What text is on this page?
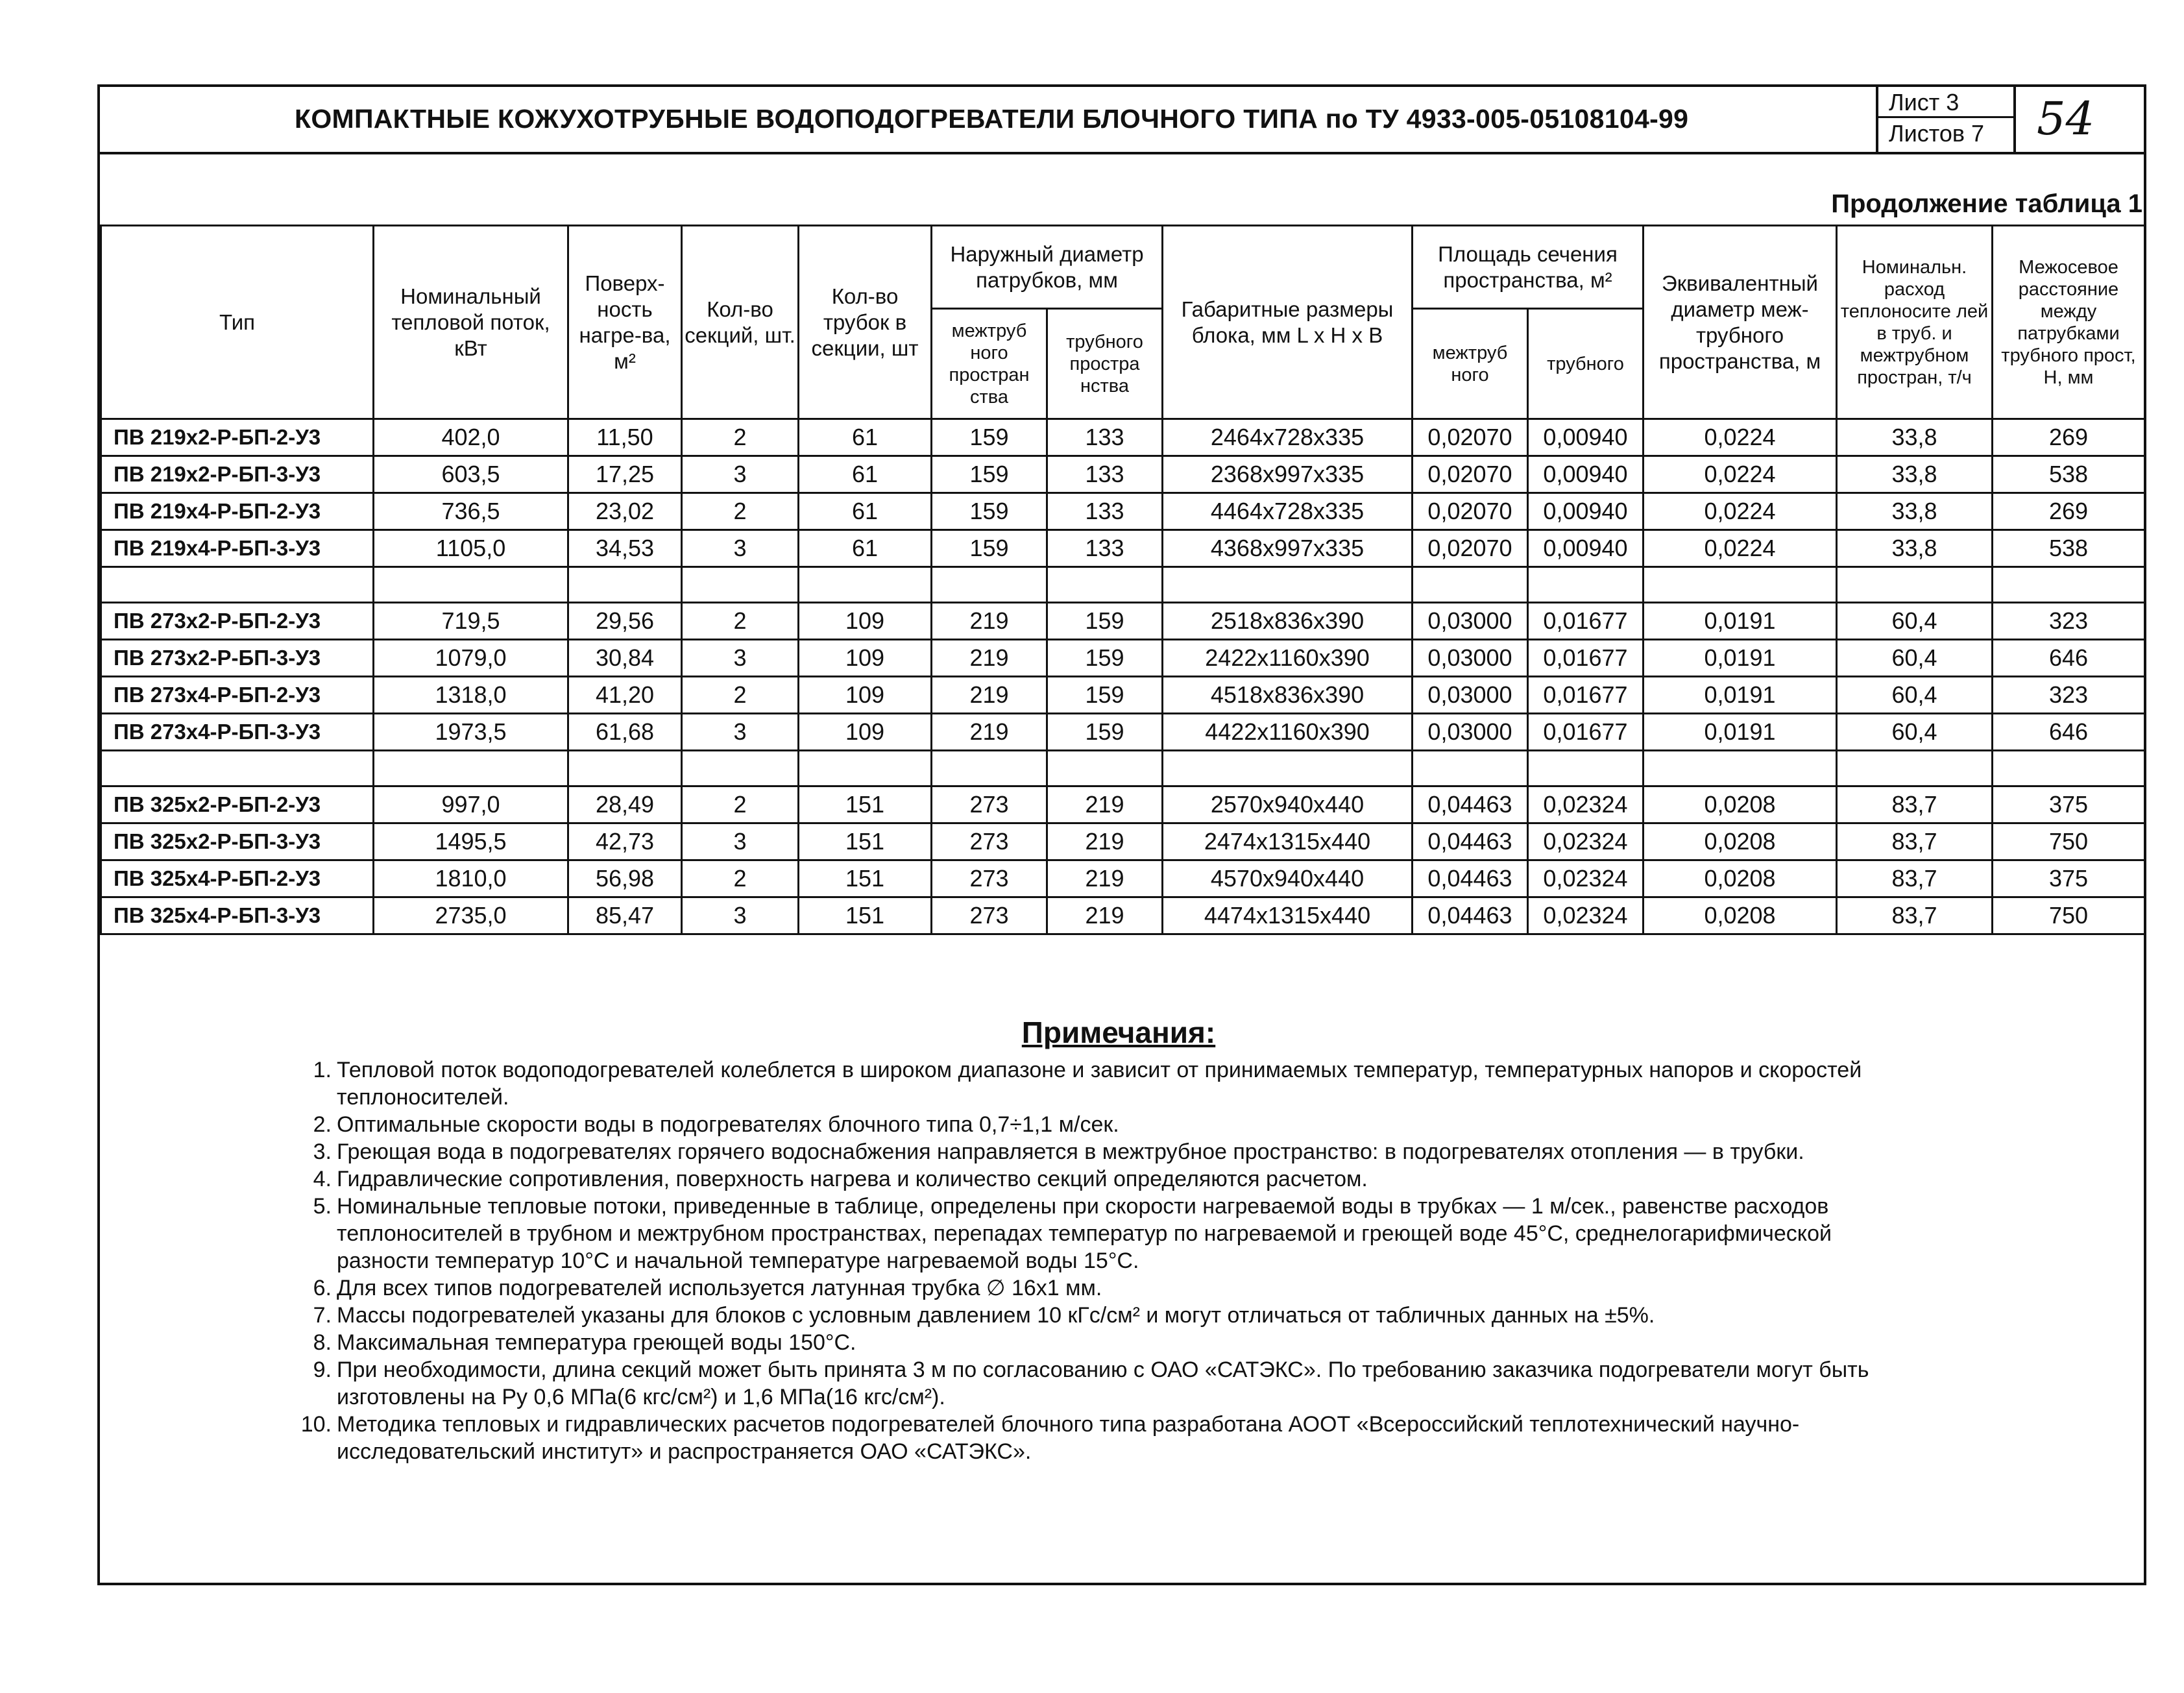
КОМПАКТНЫЕ КОЖУХОТРУБНЫЕ ВОДОПОДОГРЕВАТЕЛИ БЛОЧНОГО ТИПА по ТУ 4933-005-05108104-99
Лист 3
Листов 7	54
Продолжение таблица 1
Тип	Номинальный тепловой поток, кВт	Поверх-ность нагре-ва, м²	Кол-во секций, шт.	Кол-во трубок в секции, шт	Наружный диаметр патрубков, мм		Габаритные размеры блока, мм L x H x B	Площадь сечения пространства, м²		Эквивалентный диаметр меж-трубного пространства, м	Номинальн. расход теплоносите лей в труб. и межтрубном простран, т/ч	Межосевое расстояние между патрубками трубного прост, Н, мм
					межтруб ного простран ства	трубного простра нства		межтруб ного	трубного			
ПВ 219х2-Р-БП-2-У3	402,0	11,50	2	61	159	133	2464х728х335	0,02070	0,00940	0,0224	33,8	269
ПВ 219х2-Р-БП-3-У3	603,5	17,25	3	61	159	133	2368х997х335	0,02070	0,00940	0,0224	33,8	538
ПВ 219х4-Р-БП-2-У3	736,5	23,02	2	61	159	133	4464х728х335	0,02070	0,00940	0,0224	33,8	269
ПВ 219х4-Р-БП-3-У3	1105,0	34,53	3	61	159	133	4368х997х335	0,02070	0,00940	0,0224	33,8	538

ПВ 273х2-Р-БП-2-У3	719,5	29,56	2	109	219	159	2518х836х390	0,03000	0,01677	0,0191	60,4	323
ПВ 273х2-Р-БП-3-У3	1079,0	30,84	3	109	219	159	2422х1160х390	0,03000	0,01677	0,0191	60,4	646
ПВ 273х4-Р-БП-2-У3	1318,0	41,20	2	109	219	159	4518х836х390	0,03000	0,01677	0,0191	60,4	323
ПВ 273х4-Р-БП-3-У3	1973,5	61,68	3	109	219	159	4422х1160х390	0,03000	0,01677	0,0191	60,4	646

ПВ 325х2-Р-БП-2-У3	997,0	28,49	2	151	273	219	2570х940х440	0,04463	0,02324	0,0208	83,7	375
ПВ 325х2-Р-БП-3-У3	1495,5	42,73	3	151	273	219	2474х1315х440	0,04463	0,02324	0,0208	83,7	750
ПВ 325х4-Р-БП-2-У3	1810,0	56,98	2	151	273	219	4570х940х440	0,04463	0,02324	0,0208	83,7	375
ПВ 325х4-Р-БП-3-У3	2735,0	85,47	3	151	273	219	4474х1315х440	0,04463	0,02324	0,0208	83,7	750
Примечания:
1. Тепловой поток водоподогревателей колеблется в широком диапазоне и зависит от принимаемых температур, температурных напоров и скоростей теплоносителей.
2. Оптимальные скорости воды в подогревателях блочного типа 0,7÷1,1 м/сек.
3. Греющая вода в подогревателях горячего водоснабжения направляется в межтрубное пространство: в подогревателях отопления — в трубки.
4. Гидравлические сопротивления, поверхность нагрева и количество секций определяются расчетом.
5. Номинальные тепловые потоки, приведенные в таблице, определены при скорости нагреваемой воды в трубках — 1 м/сек., равенстве расходов теплоносителей в трубном и межтрубном пространствах, перепадах температур по нагреваемой и греющей воде 45°С, среднелогарифмической разности температур 10°С и начальной температуре нагреваемой воды 15°С.
6. Для всех типов подогревателей используется латунная трубка ∅ 16х1 мм.
7. Массы подогревателей указаны для блоков с условным давлением 10 кГс/см² и могут отличаться от табличных данных на ±5%.
8. Максимальная температура греющей воды 150°С.
9. При необходимости, длина секций может быть принята 3 м по согласованию с ОАО «САТЭКС». По требованию заказчика подогреватели могут быть изготовлены на Ру 0,6 МПа(6 кгс/см²) и 1,6 МПа(16 кгс/см²).
10. Методика тепловых и гидравлических расчетов подогревателей блочного типа разработана АООТ «Всероссийский теплотехнический научно-исследовательский институт» и распространяется ОАО «САТЭКС».
